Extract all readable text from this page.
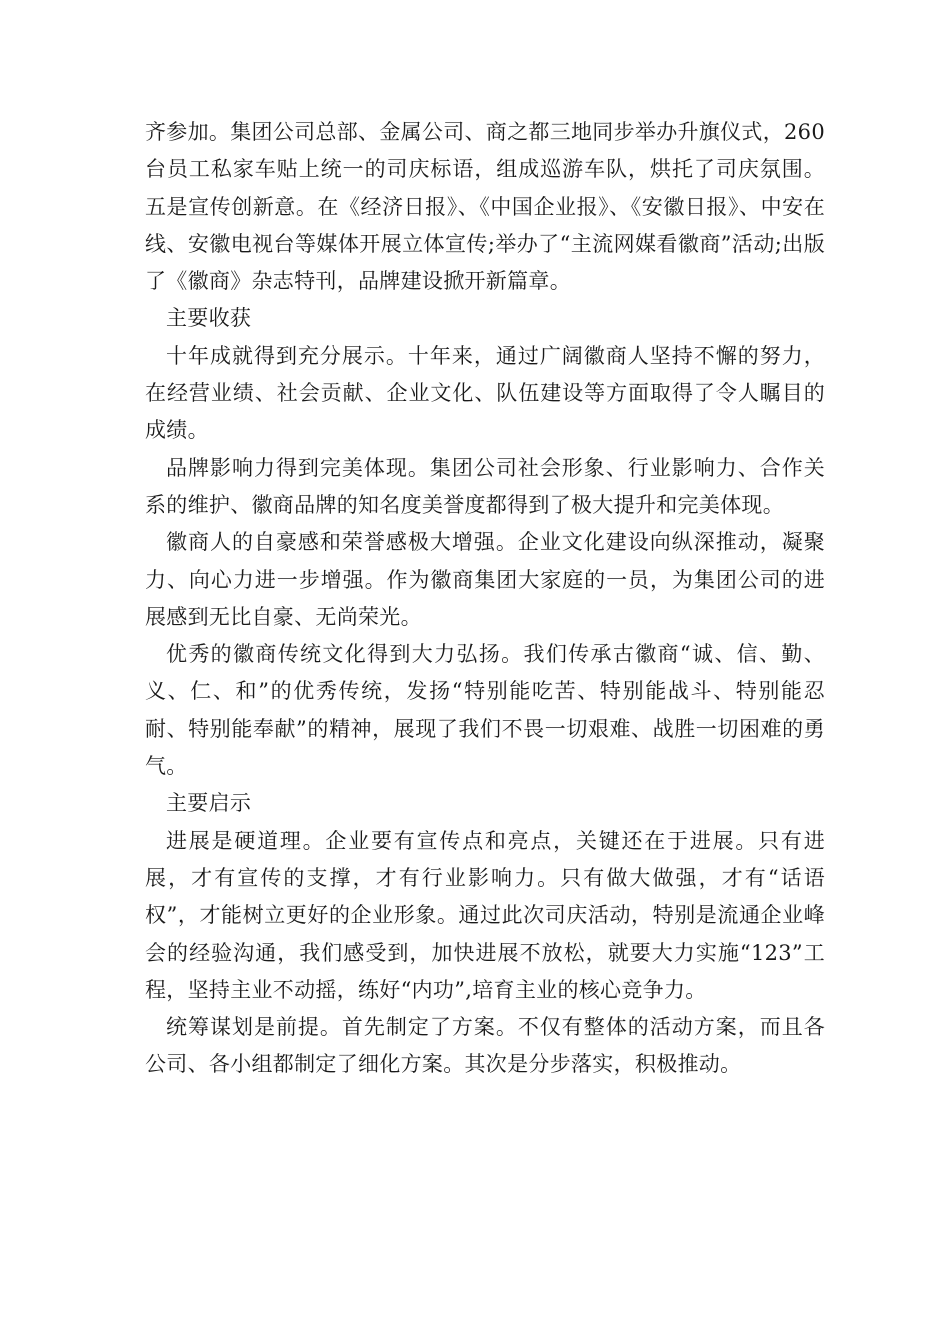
齐参加。集团公司总部、金属公司、商之都三地同步举办升旗仪式，260台员工私家车贴上统一的司庆标语，组成巡游车队，烘托了司庆氛围。五是宣传创新意。在《经济日报》、《中国企业报》、《安徽日报》、中安在线、安徽电视台等媒体开展立体宣传;举办了“主流网媒看徽商”活动;出版了《徽商》杂志特刊，品牌建设掀开新篇章。

主要收获

十年成就得到充分展示。十年来，通过广阔徽商人坚持不懈的努力，在经营业绩、社会贡献、企业文化、队伍建设等方面取得了令人瞩目的成绩。

品牌影响力得到完美体现。集团公司社会形象、行业影响力、合作关系的维护、徽商品牌的知名度美誉度都得到了极大提升和完美体现。

徽商人的自豪感和荣誉感极大增强。企业文化建设向纵深推动，凝聚力、向心力进一步增强。作为徽商集团大家庭的一员，为集团公司的进展感到无比自豪、无尚荣光。

优秀的徽商传统文化得到大力弘扬。我们传承古徽商“诚、信、勤、义、仁、和”的优秀传统，发扬“特别能吃苦、特别能战斗、特别能忍耐、特别能奉献”的精神，展现了我们不畏一切艰难、战胜一切困难的勇气。

主要启示

进展是硬道理。企业要有宣传点和亮点，关键还在于进展。只有进展，才有宣传的支撑，才有行业影响力。只有做大做强，才有“话语权”，才能树立更好的企业形象。通过此次司庆活动，特别是流通企业峰会的经验沟通，我们感受到，加快进展不放松，就要大力实施“123”工程，坚持主业不动摇，练好“内功”,培育主业的核心竞争力。

统筹谋划是前提。首先制定了方案。不仅有整体的活动方案，而且各公司、各小组都制定了细化方案。其次是分步落实，积极推动。
